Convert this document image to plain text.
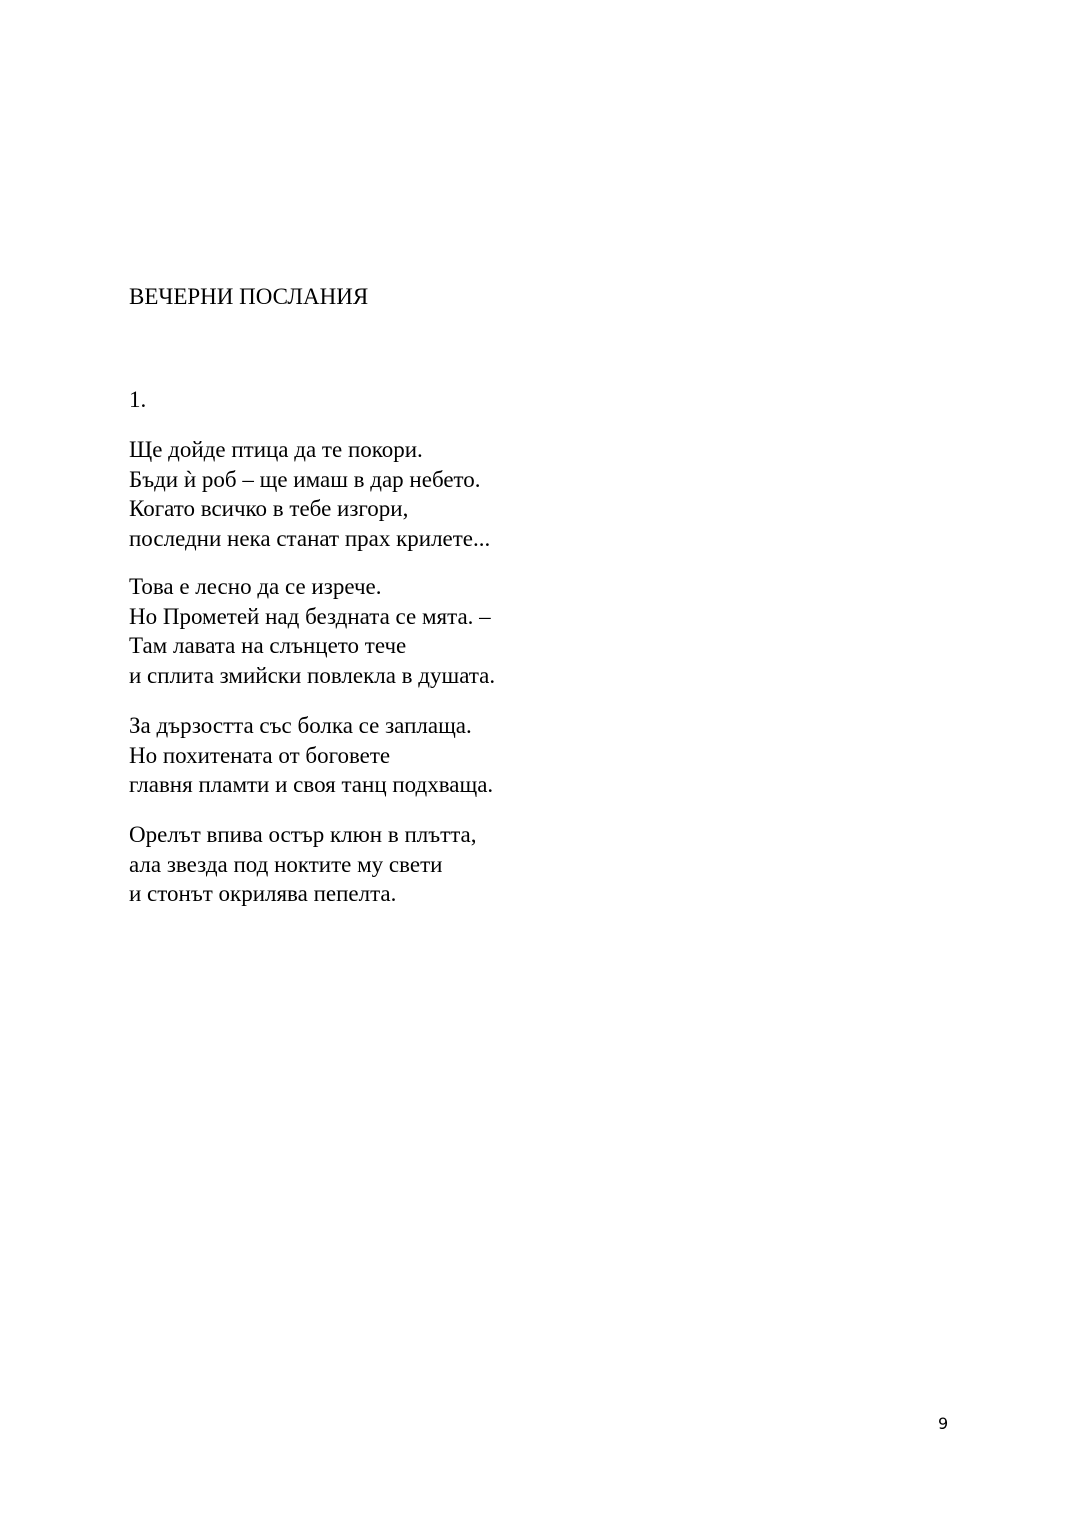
ВЕЧЕРНИ ПОСЛАНИЯ
1.
Ще дойде птица да те покори.
Бъди ѝ роб – ще имаш в дар небето.
Когато всичко в тебе изгори,
последни нека станат прах крилете...
Това е лесно да се изрече.
Но Прометей над бездната се мята. –
Там лавата на слънцето тече
и сплита змийски повлекла в душата.
За дързостта със болка се заплаща.
Но похитената от боговете
главня пламти и своя танц подхваща.
Орелът впива остър клюн в плътта,
ала звезда под ноктите му свети
и стонът окрилява пепелта.
9
